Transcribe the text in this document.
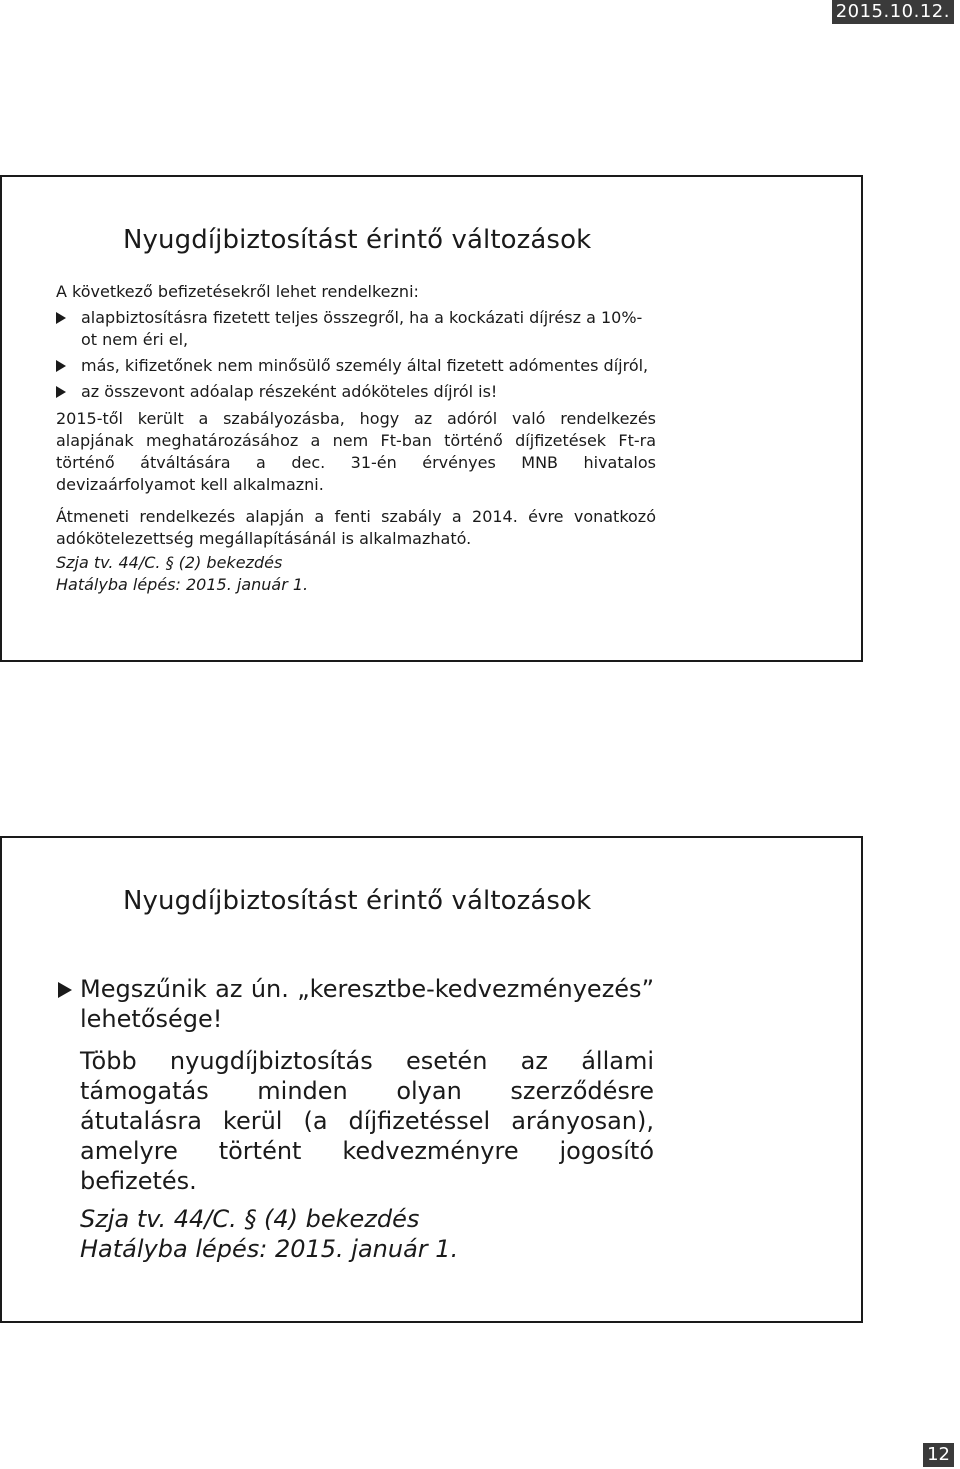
2015.10.12.
Nyugdíjbiztosítást érintő változások

A következő befizetésekről lehet rendelkezni:

alapbiztosításra fizetett teljes összegről, ha a kockázati díjrész a 10%-ot nem éri el,
más, kifizetőnek nem minősülő személy által fizetett adómentes díjról,
az összevont adóalap részeként adóköteles díjról is!

2015-től került a szabályozásba, hogy az adóról való rendelkezés alapjának meghatározásához a nem Ft-ban történő díjfizetések Ft-ra történő átváltására a dec. 31-én érvényes MNB hivatalos devizaárfolyamot kell alkalmazni.

Átmeneti rendelkezés alapján a fenti szabály a 2014. évre vonatkozó adókötelezettség megállapításánál is alkalmazható.

Szja tv. 44/C. § (2) bekezdés

Hatályba lépés: 2015. január 1.

Nyugdíjbiztosítást érintő változások

Megszűnik az ún. „keresztbe-kedvezményezés” lehetősége!

Több nyugdíjbiztosítás esetén az állami támogatás minden olyan szerződésre átutalásra kerül (a díjfizetéssel arányosan), amelyre történt kedvezményre jogosító befizetés.

Szja tv. 44/C. § (4) bekezdés

Hatályba lépés: 2015. január 1.

12
